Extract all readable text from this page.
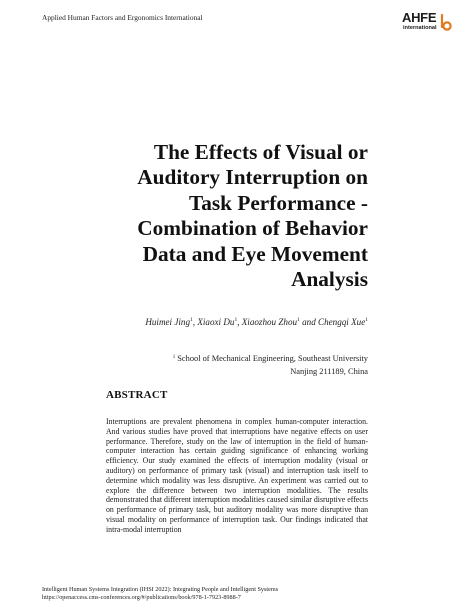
Applied Human Factors and Ergonomics International	AHFE
international
The Effects of Visual or
Auditory Interruption on
Task Performance -
Combination of Behavior
Data and Eye Movement
Analysis
Huimei Jing$^1$, Xiaoxi Du$^1$, Xiaozhou Zhou$^1$ and Chengqi Xue$^1$
$^1$ School of Mechanical Engineering, Southeast University
Nanjing 211189, China
ABSTRACT

Interruptions are prevalent phenomena in complex human-computer interaction. And various studies have proved that interruptions have negative effects on user performance. Therefore, study on the law of interruption in the field of human-computer interaction has certain guiding significance of enhancing working efficiency. Our study examined the effects of interruption modality (visual or auditory) on performance of primary task (visual) and interruption task itself to determine which modality was less disruptive. An experiment was carried out to explore the difference between two interruption modalities. The results demonstrated that different interruption modalities caused similar disruptive effects on performance of primary task, but auditory modality was more disruptive than visual modality on performance of interruption task. Our findings indicated that intra-modal interruption

Intelligent Human Systems Integration (IHSI 2022): Integrating People and Intelligent Systems
https://openaccess.cms-conferences.org/#/publications/book/978-1-7923-8988-7
